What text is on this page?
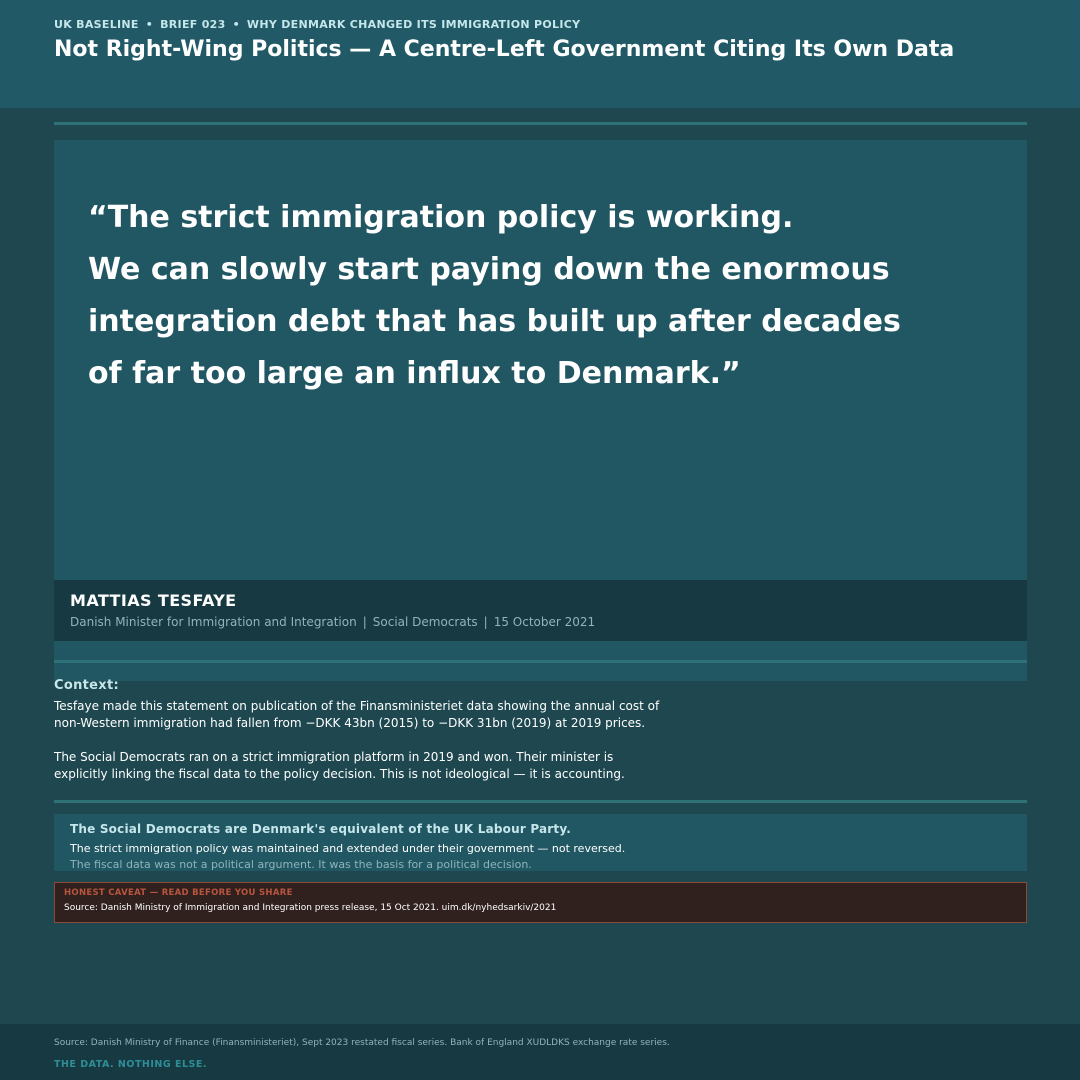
UK BASELINE • BRIEF 023 • WHY DENMARK CHANGED ITS IMMIGRATION POLICY
Not Right-Wing Politics — A Centre-Left Government Citing Its Own Data
“The strict immigration policy is working.
We can slowly start paying down the enormous
integration debt that has built up after decades
of far too large an influx to Denmark.”
MATTIAS TESFAYE
Danish Minister for Immigration and Integration | Social Democrats | 15 October 2021
Context:

Tesfaye made this statement on publication of the Finansministeriet data showing the annual cost of
non-Western immigration had fallen from −DKK 43bn (2015) to −DKK 31bn (2019) at 2019 prices.

The Social Democrats ran on a strict immigration platform in 2019 and won. Their minister is
explicitly linking the fiscal data to the policy decision. This is not ideological — it is accounting.

The Social Democrats are Denmark's equivalent of the UK Labour Party.
The strict immigration policy was maintained and extended under their government — not reversed.
The fiscal data was not a political argument. It was the basis for a political decision.
HONEST CAVEAT — READ BEFORE YOU SHARE
Source: Danish Ministry of Immigration and Integration press release, 15 Oct 2021. uim.dk/nyhedsarkiv/2021
Source: Danish Ministry of Finance (Finansministeriet), Sept 2023 restated fiscal series. Bank of England XUDLDKS exchange rate series.
THE DATA. NOTHING ELSE.
